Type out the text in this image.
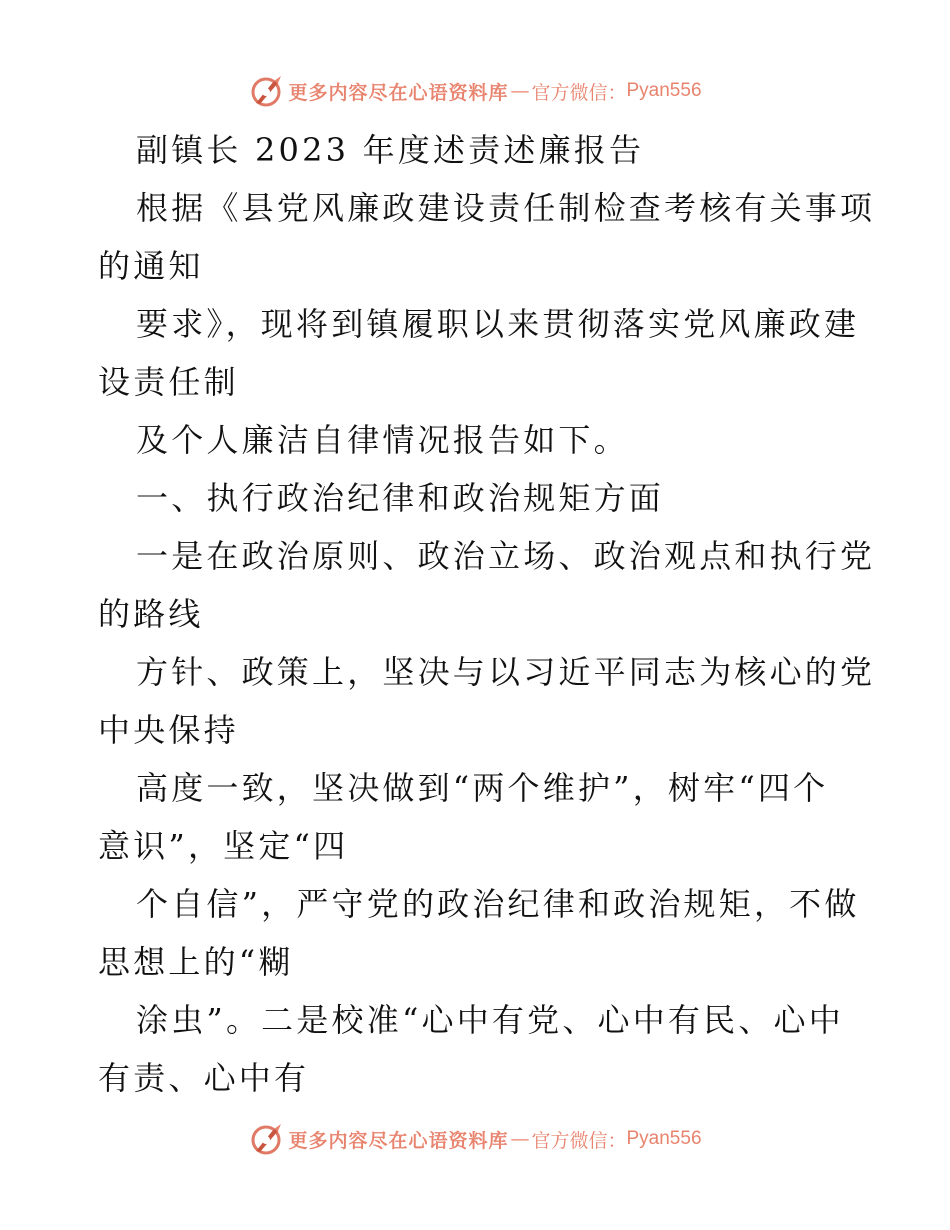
更多内容尽在心语资料库 — 官方微信： Pyan556
副镇长 2023 年度述责述廉报告
根据《县党风廉政建设责任制检查考核有关事项
的通知
要求》，现将到镇履职以来贯彻落实党风廉政建
设责任制
及个人廉洁自律情况报告如下。
一、执行政治纪律和政治规矩方面
一是在政治原则、政治立场、政治观点和执行党
的路线
方针、政策上，坚决与以习近平同志为核心的党
中央保持
高度一致，坚决做到“两个维护”，树牢“四个
意识”，坚定“四
个自信”，严守党的政治纪律和政治规矩，不做
思想上的“糊
涂虫”。二是校准“心中有党、心中有民、心中
有责、心中有
更多内容尽在心语资料库 — 官方微信： Pyan556
